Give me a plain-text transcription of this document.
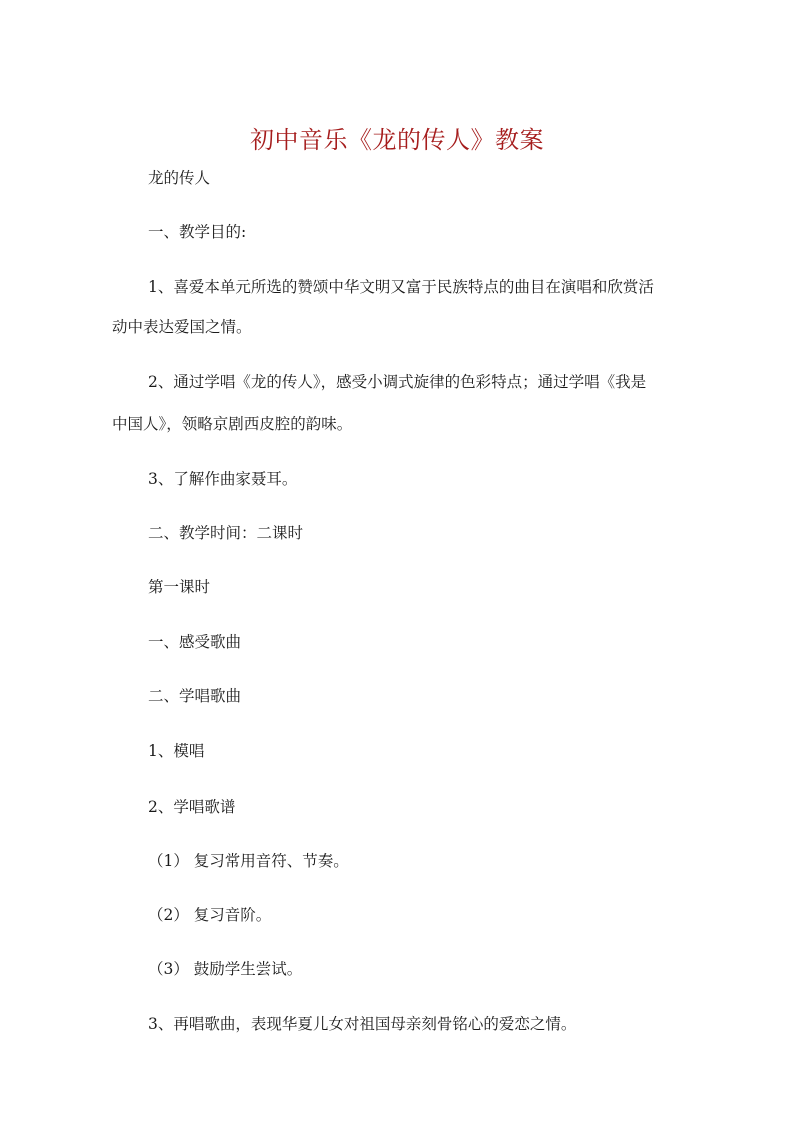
初中音乐《龙的传人》教案
龙的传人
一、教学目的:
1、喜爱本单元所选的赞颂中华文明又富于民族特点的曲目在演唱和欣赏活
动中表达爱国之情。
2、通过学唱《龙的传人》，感受小调式旋律的色彩特点；通过学唱《我是
中国人》，领略京剧西皮腔的韵味。
3、了解作曲家聂耳。
二、教学时间：二课时
第一课时
一、感受歌曲
二、学唱歌曲
1、模唱
2、学唱歌谱
（1） 复习常用音符、节奏。
（2） 复习音阶。
（3） 鼓励学生尝试。
3、再唱歌曲，表现华夏儿女对祖国母亲刻骨铭心的爱恋之情。
